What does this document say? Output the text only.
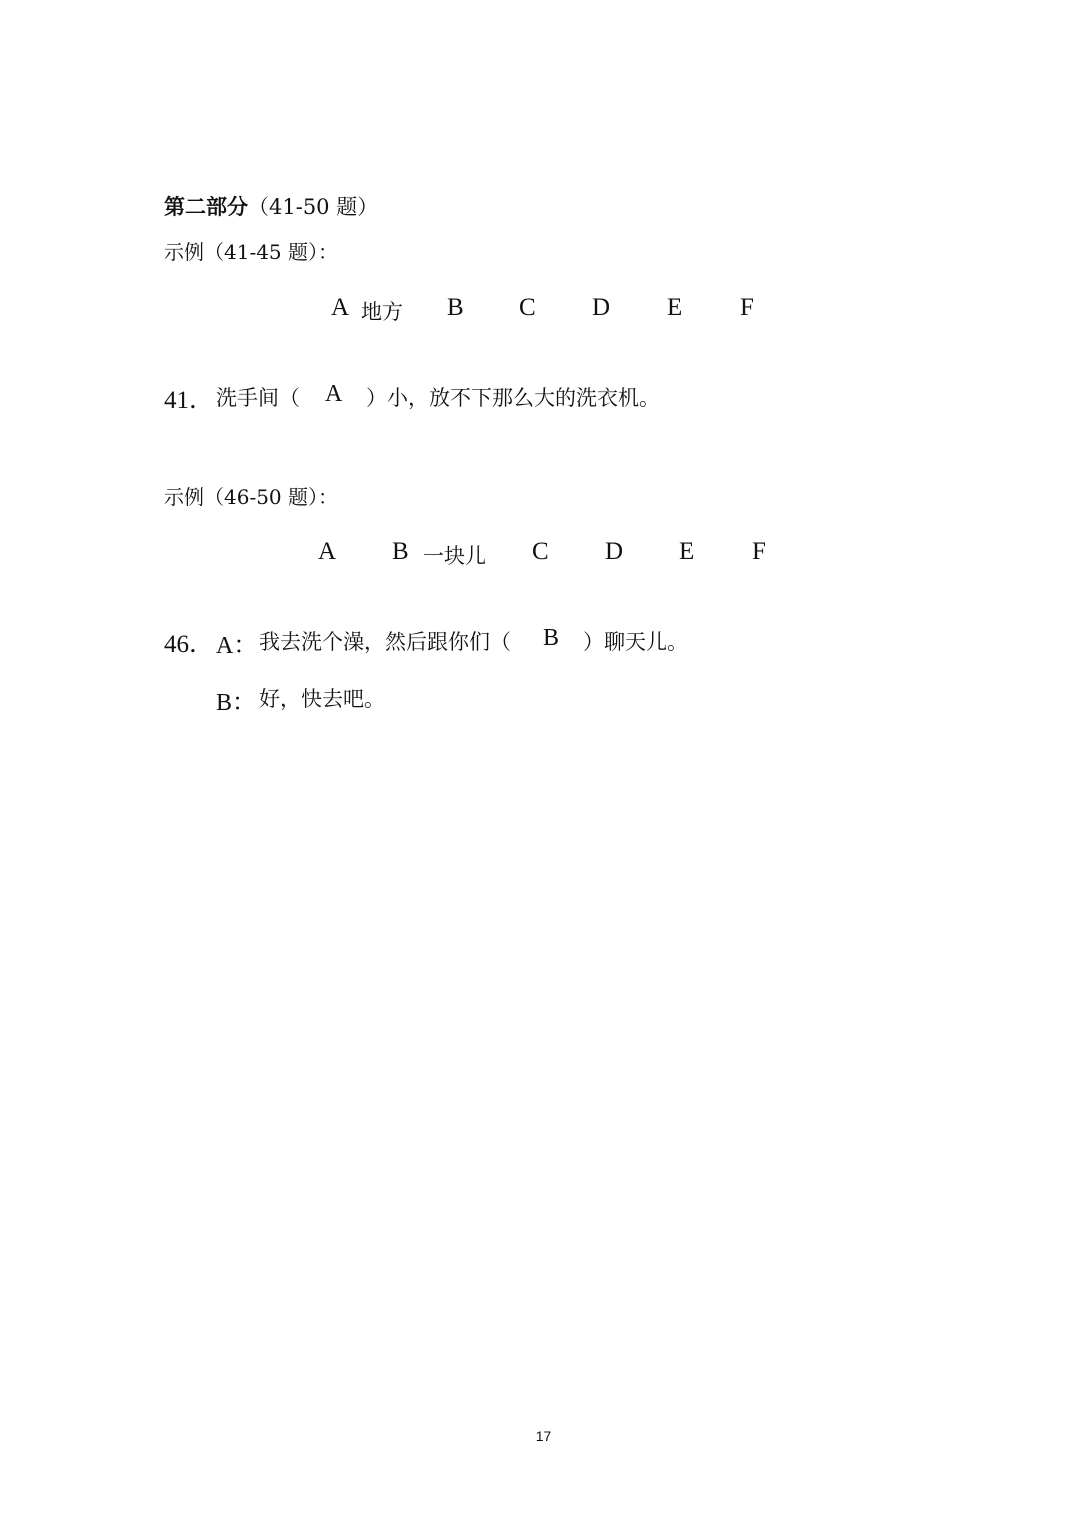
第二部分（41-50 题）
示例（41-45 题）：
A 地方 B C D E F
41． 洗手间（ A ）小，放不下那么大的洗衣机。
示例（46-50 题）：
A B 一块儿 C D E F
46． A： 我去洗个澡，然后跟你们（ B ）聊天儿。
B： 好，快去吧。
17
